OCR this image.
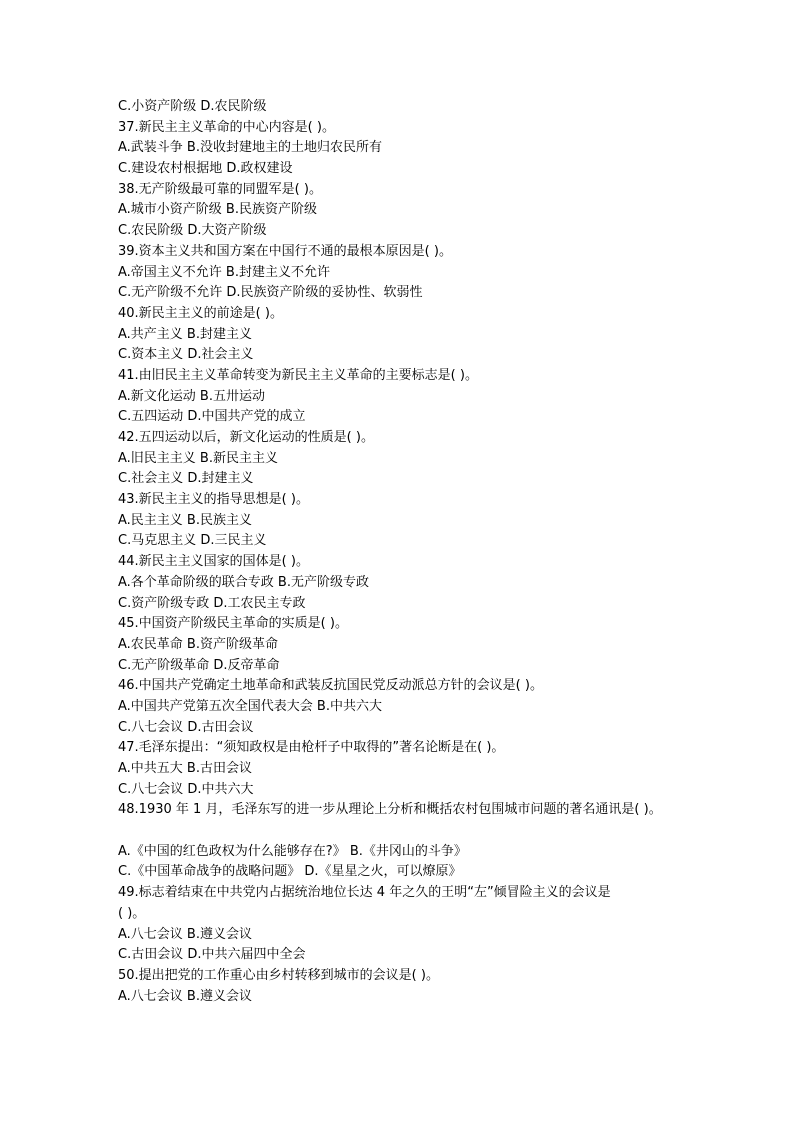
C.小资产阶级 D.农民阶级
37.新民主主义革命的中心内容是( )。
A.武装斗争 B.没收封建地主的土地归农民所有
C.建设农村根据地 D.政权建设
38.无产阶级最可靠的同盟军是( )。
A.城市小资产阶级 B.民族资产阶级
C.农民阶级 D.大资产阶级
39.资本主义共和国方案在中国行不通的最根本原因是( )。
A.帝国主义不允许 B.封建主义不允许
C.无产阶级不允许 D.民族资产阶级的妥协性、软弱性
40.新民主主义的前途是( )。
A.共产主义 B.封建主义
C.资本主义 D.社会主义
41.由旧民主主义革命转变为新民主主义革命的主要标志是( )。
A.新文化运动 B.五卅运动
C.五四运动 D.中国共产党的成立
42.五四运动以后，新文化运动的性质是( )。
A.旧民主主义 B.新民主主义
C.社会主义 D.封建主义
43.新民主主义的指导思想是( )。
A.民主主义 B.民族主义
C.马克思主义 D.三民主义
44.新民主主义国家的国体是( )。
A.各个革命阶级的联合专政 B.无产阶级专政
C.资产阶级专政 D.工农民主专政
45.中国资产阶级民主革命的实质是( )。
A.农民革命 B.资产阶级革命
C.无产阶级革命 D.反帝革命
46.中国共产党确定土地革命和武装反抗国民党反动派总方针的会议是( )。
A.中国共产党第五次全国代表大会 B.中共六大
C.八七会议 D.古田会议
47.毛泽东提出：“须知政权是由枪杆子中取得的”著名论断是在( )。
A.中共五大 B.古田会议
C.八七会议 D.中共六大
48.1930 年 1 月，毛泽东写的进一步从理论上分析和概括农村包围城市问题的著名通讯是( )。
A.《中国的红色政权为什么能够存在?》 B.《井冈山的斗争》
C.《中国革命战争的战略问题》 D.《星星之火，可以燎原》
49.标志着结束在中共党内占据统治地位长达 4 年之久的王明“左”倾冒险主义的会议是
( )。
A.八七会议 B.遵义会议
C.古田会议 D.中共六届四中全会
50.提出把党的工作重心由乡村转移到城市的会议是( )。
A.八七会议 B.遵义会议
